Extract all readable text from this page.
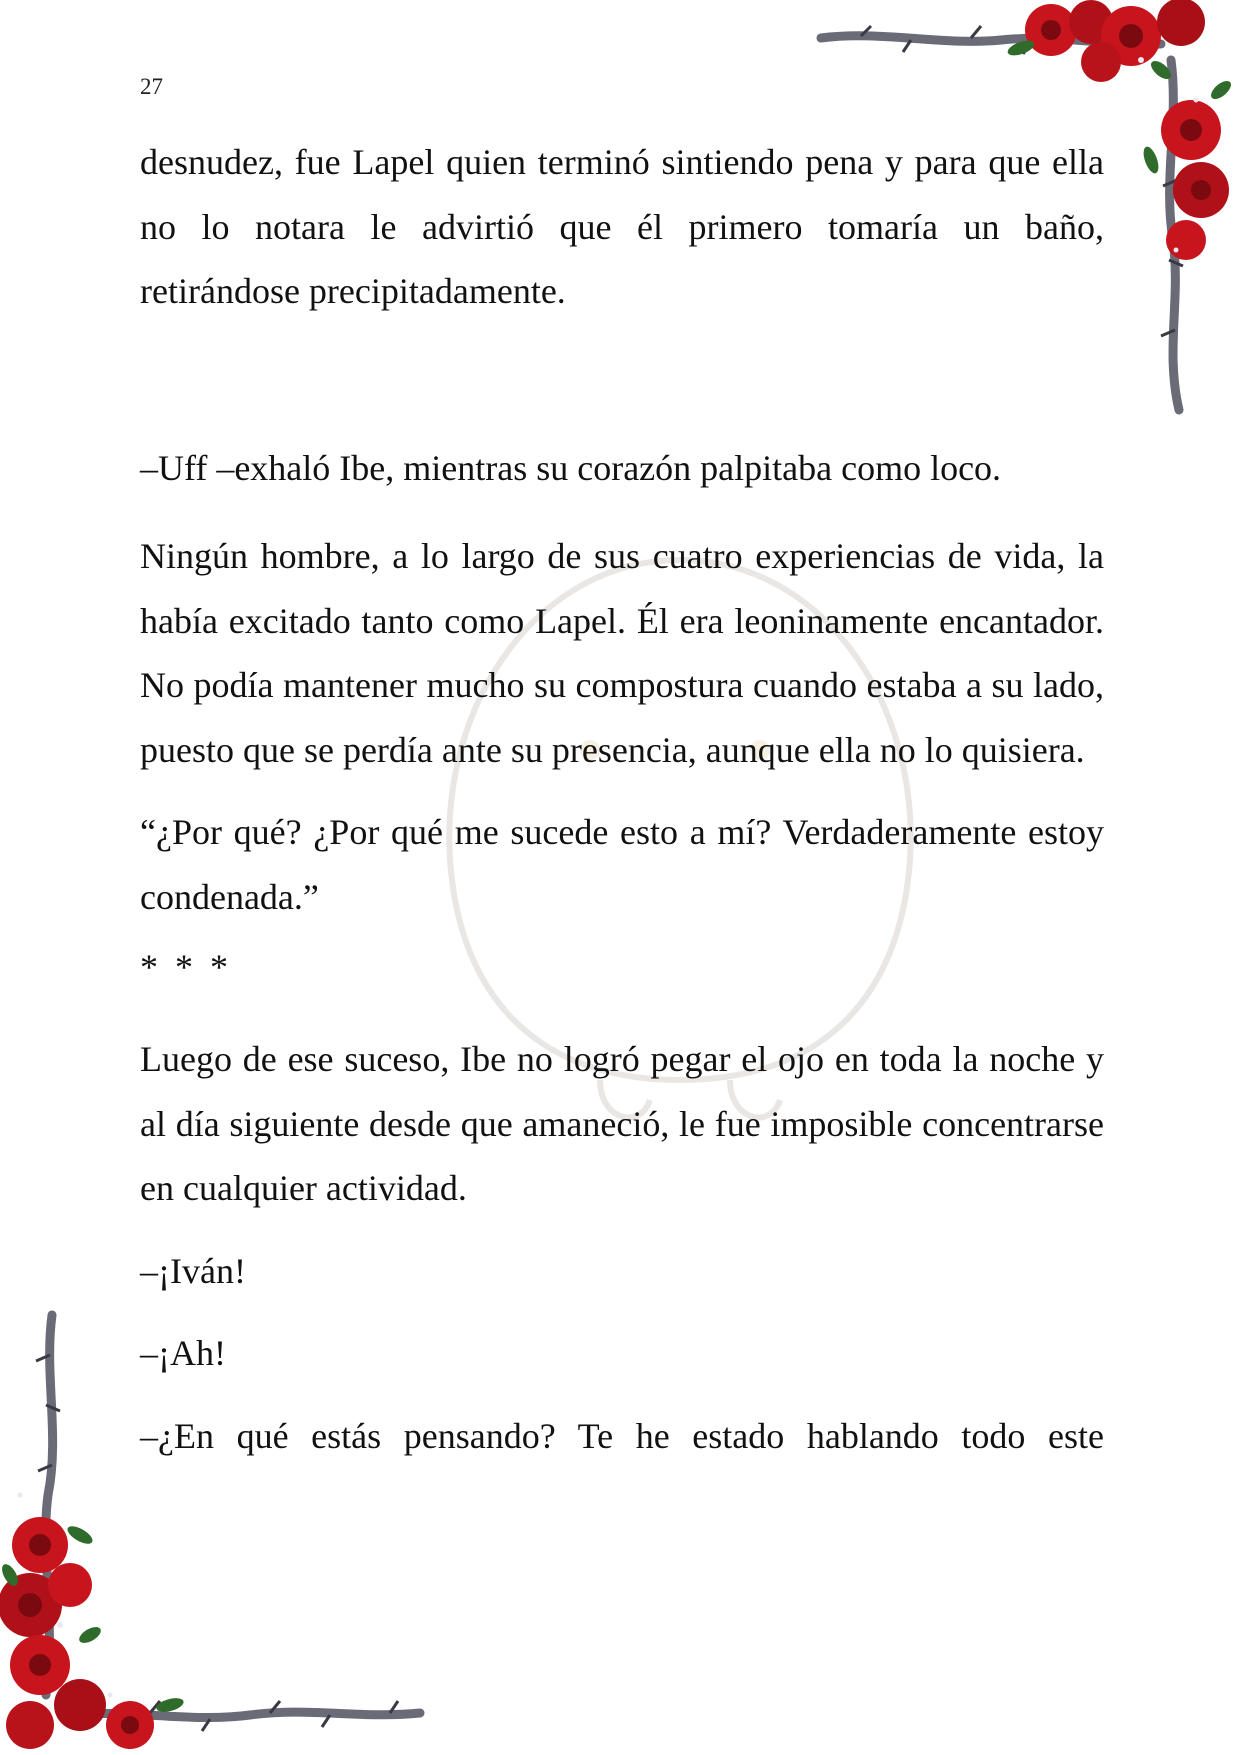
27

desnudez, fue Lapel quien terminó sintiendo pena y para que ella no lo notara le advirtió que él primero tomaría un baño, retirándose precipitadamente.

–Uff –exhaló Ibe, mientras su corazón palpitaba como loco.

Ningún hombre, a lo largo de sus cuatro experiencias de vida, la había excitado tanto como Lapel. Él era leoninamente encantador. No podía mantener mucho su compostura cuando estaba a su lado, puesto que se perdía ante su presencia, aunque ella no lo quisiera.

“¿Por qué? ¿Por qué me sucede esto a mí? Verdaderamente estoy condenada.”

* * *

Luego de ese suceso, Ibe no logró pegar el ojo en toda la noche y al día siguiente desde que amaneció, le fue imposible concentrarse en cualquier actividad.

–¡Iván!

–¡Ah!

–¿En qué estás pensando? Te he estado hablando todo este
